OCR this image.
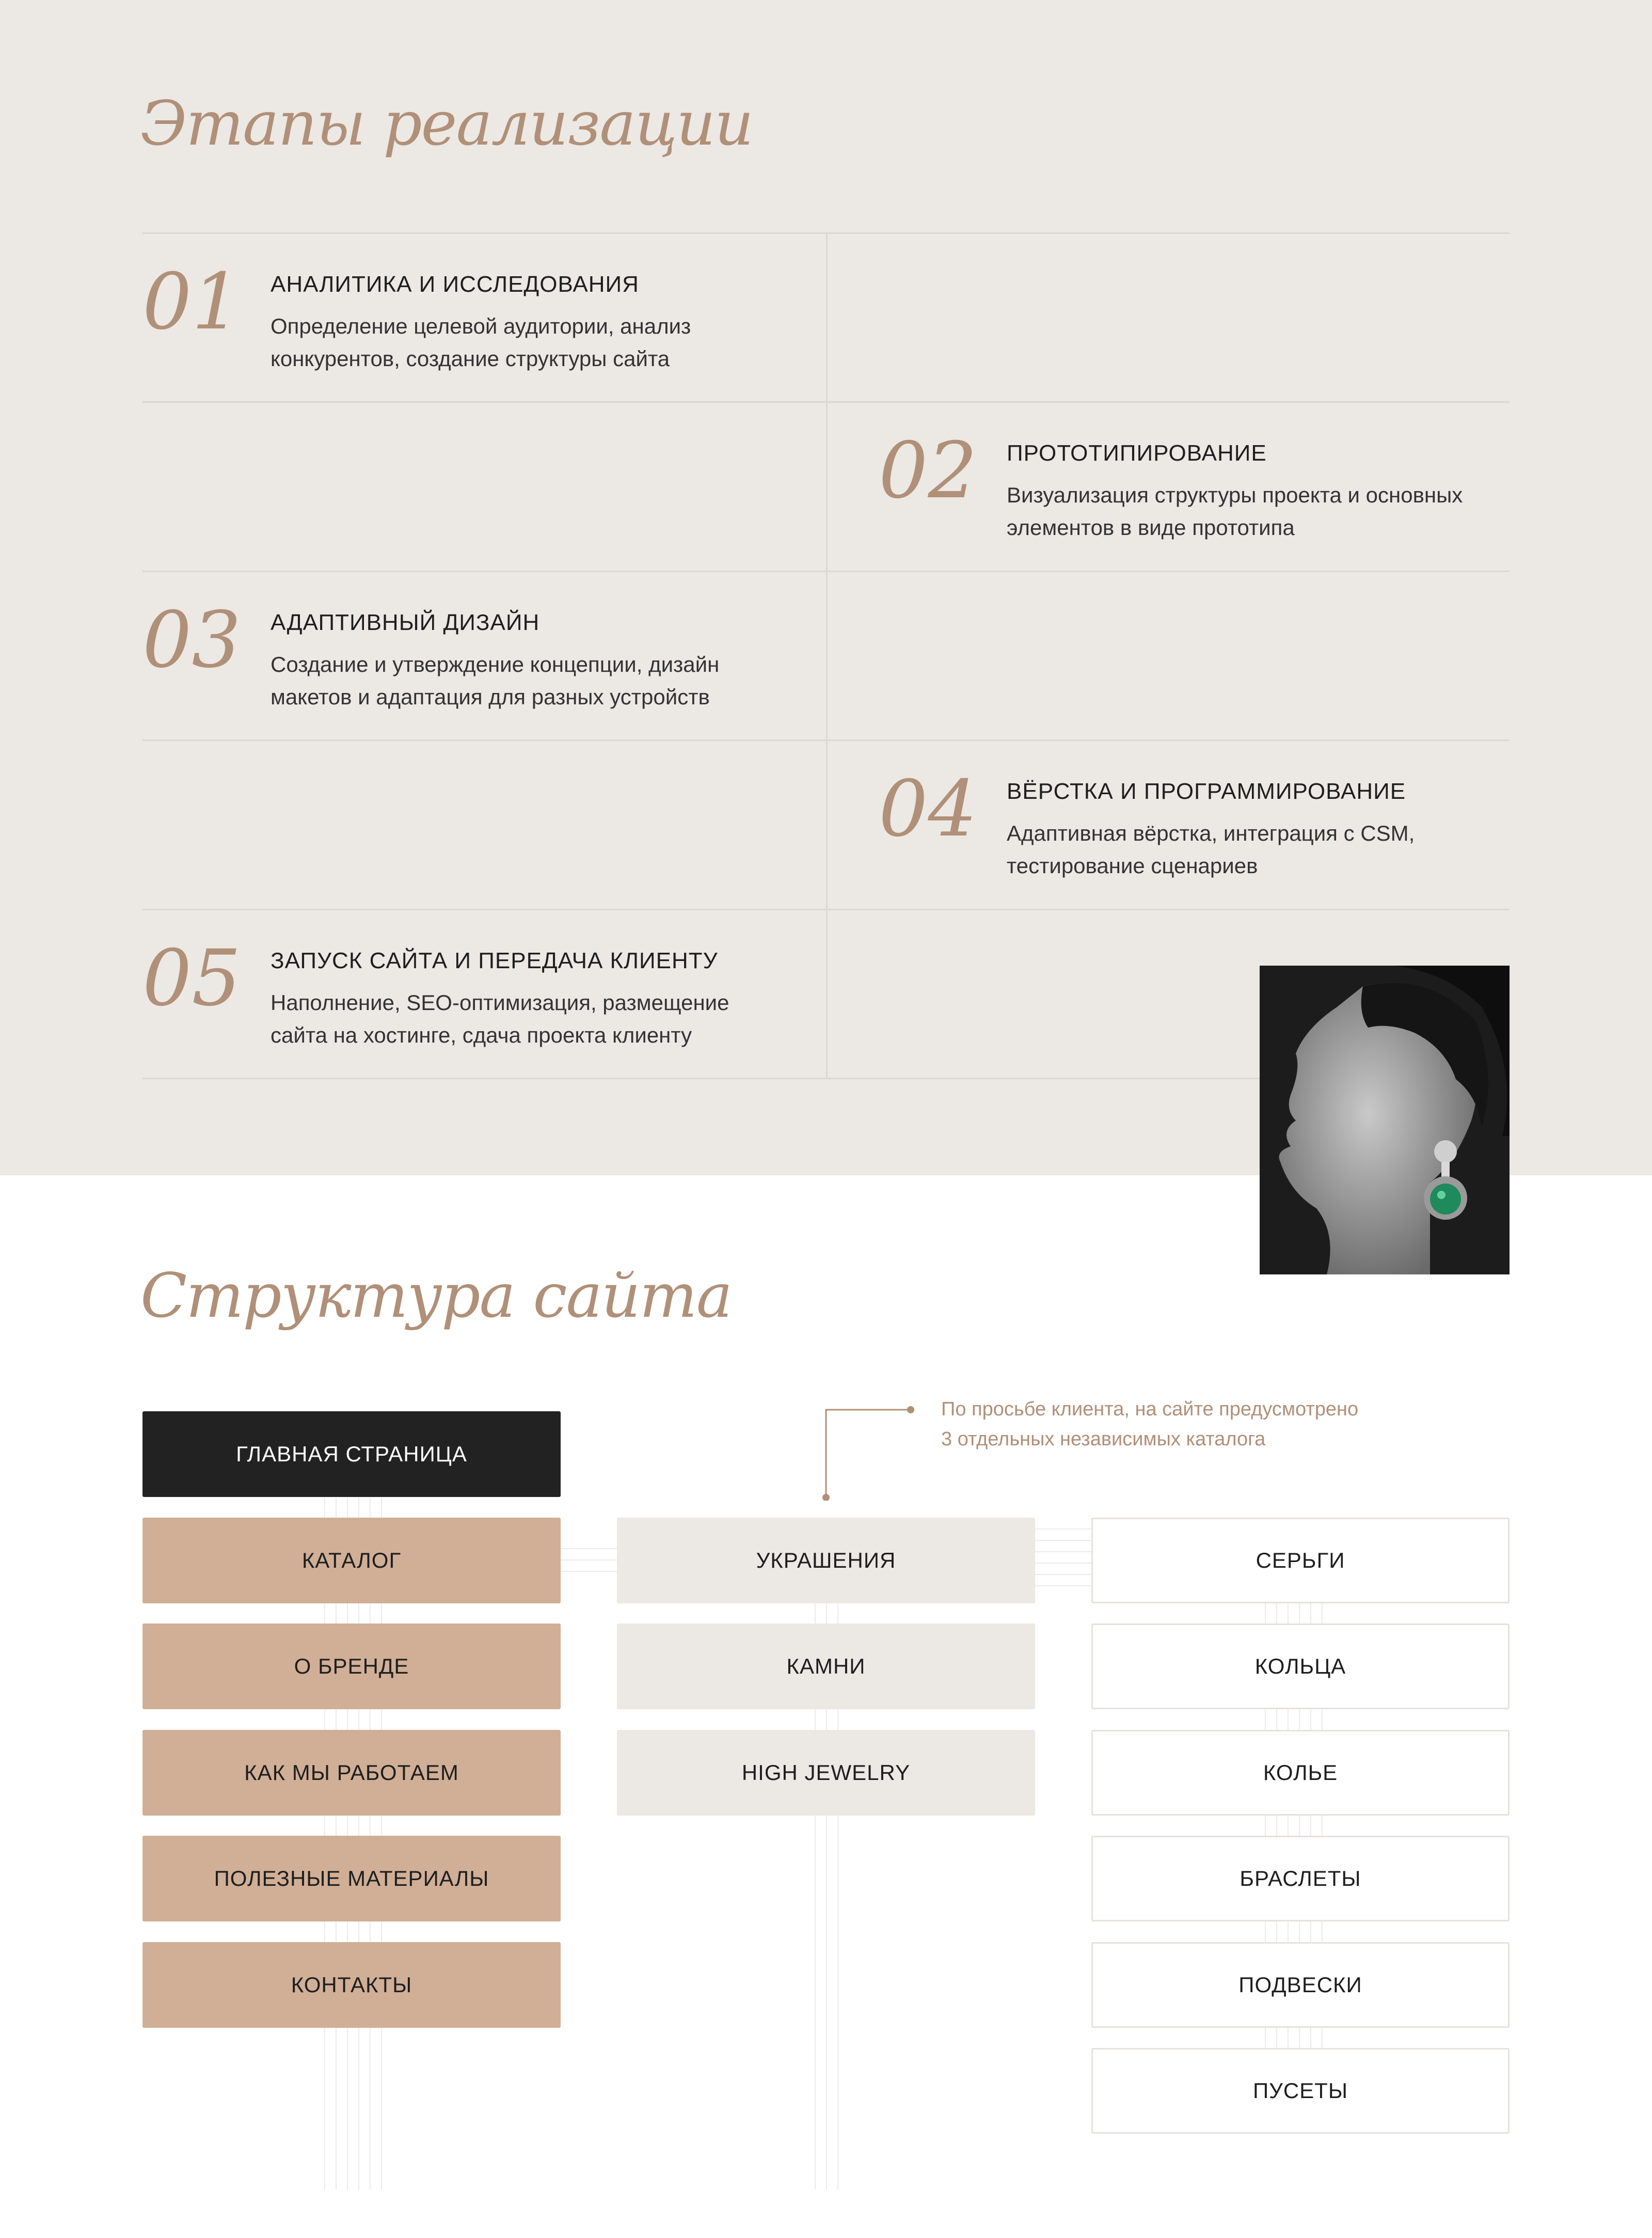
Этапы реализации
01 АНАЛИТИКА И ИССЛЕДОВАНИЯ
Определение целевой аудитории, анализ конкурентов, создание структуры сайта
02 ПРОТОТИПИРОВАНИЕ
Визуализация структуры проекта и основных элементов в виде прототипа
03 АДАПТИВНЫЙ ДИЗАЙН
Создание и утверждение концепции, дизайн макетов и адаптация для разных устройств
04 ВЁРСТКА И ПРОГРАММИРОВАНИЕ
Адаптивная вёрстка, интеграция с CSM, тестирование сценариев
05 ЗАПУСК САЙТА И ПЕРЕДАЧА КЛИЕНТУ
Наполнение, SEO-оптимизация, размещение сайта на хостинге, сдача проекта клиенту
Структура сайта
По просьбе клиента, на сайте предусмотрено
3 отдельных независимых каталога
ГЛАВНАЯ СТРАНИЦА
КАТАЛОГ
О БРЕНДЕ
КАК МЫ РАБОТАЕМ
ПОЛЕЗНЫЕ МАТЕРИАЛЫ
КОНТАКТЫ
УКРАШЕНИЯ
КАМНИ
HIGH JEWELRY
СЕРЬГИ
КОЛЬЦА
КОЛЬЕ
БРАСЛЕТЫ
ПОДВЕСКИ
ПУСЕТЫ
